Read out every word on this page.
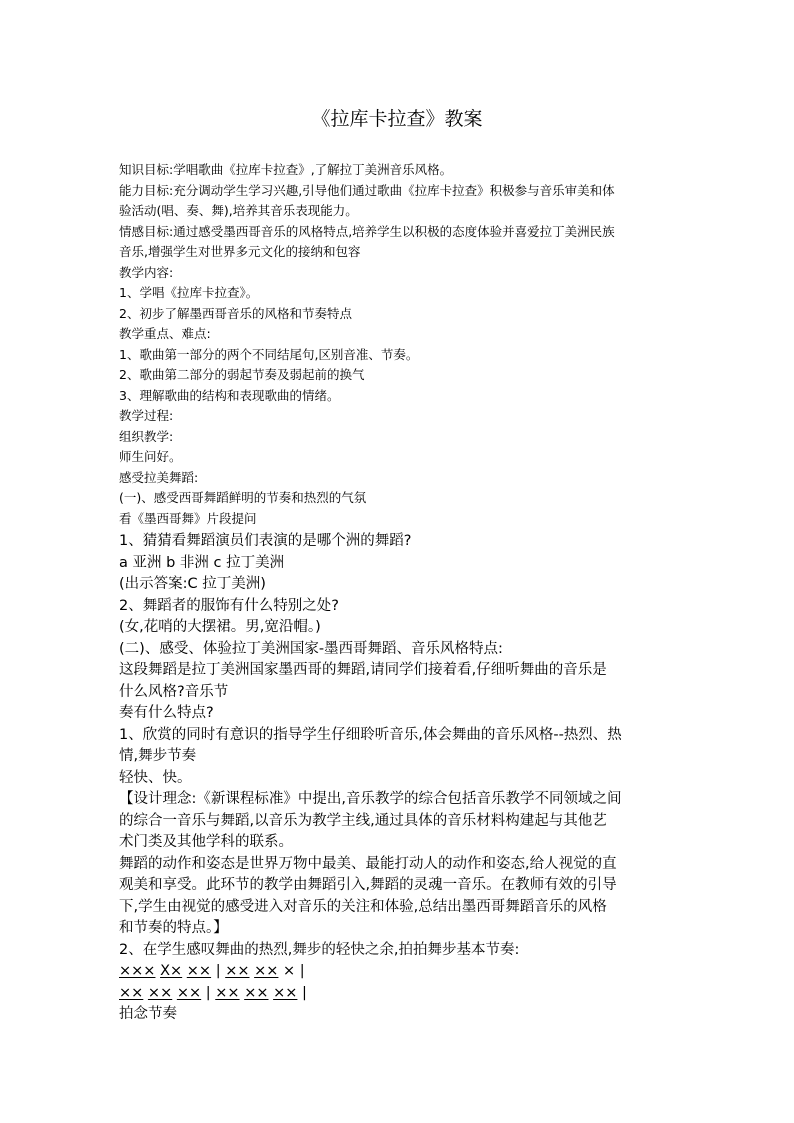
《拉库卡拉查》教案

知识目标:学唱歌曲《拉库卡拉查》,了解拉丁美洲音乐风格。

能力目标:充分调动学生学习兴趣,引导他们通过歌曲《拉库卡拉查》积极参与音乐审美和体

验活动(唱、奏、舞),培养其音乐表现能力。

情感目标:通过感受墨西哥音乐的风格特点,培养学生以积极的态度体验并喜爱拉丁美洲民族

音乐,增强学生对世界多元文化的接纳和包容

教学内容:

1、学唱《拉库卡拉查》。

2、初步了解墨西哥音乐的风格和节奏特点

教学重点、难点:

1、歌曲第一部分的两个不同结尾句,区别音准、节奏。

2、歌曲第二部分的弱起节奏及弱起前的换气

3、理解歌曲的结构和表现歌曲的情绪。

教学过程:

组织教学:

师生问好。

感受拉美舞蹈:

(一)、感受西哥舞蹈鲜明的节奏和热烈的气氛

看《墨西哥舞》片段提问

1、猜猜看舞蹈演员们表演的是哪个洲的舞蹈?

a 亚洲 b 非洲 c 拉丁美洲

(出示答案:C 拉丁美洲)

2、舞蹈者的服饰有什么特别之处?

(女,花哨的大摆裙。男,宽沿帽。)

(二)、感受、体验拉丁美洲国家-墨西哥舞蹈、音乐风格特点:

这段舞蹈是拉丁美洲国家墨西哥的舞蹈,请同学们接着看,仔细听舞曲的音乐是

什么风格?音乐节

奏有什么特点?

1、欣赏的同时有意识的指导学生仔细聆听音乐,体会舞曲的音乐风格--热烈、热

情,舞步节奏

轻快、快。

【设计理念:《新课程标准》中提出,音乐教学的综合包括音乐教学不同领域之间

的综合一音乐与舞蹈,以音乐为教学主线,通过具体的音乐材料构建起与其他艺

术门类及其他学科的联系。

舞蹈的动作和姿态是世界万物中最美、最能打动人的动作和姿态,给人视觉的直

观美和享受。此环节的教学由舞蹈引入,舞蹈的灵魂一音乐。在教师有效的引导

下,学生由视觉的感受进入对音乐的关注和体验,总结出墨西哥舞蹈音乐的风格

和节奏的特点。】

2、在学生感叹舞曲的热烈,舞步的轻快之余,拍拍舞步基本节奏:

××× X× ×× | ×× ×× × |

×× ×× ×× | ×× ×× ×× |

拍念节奏
